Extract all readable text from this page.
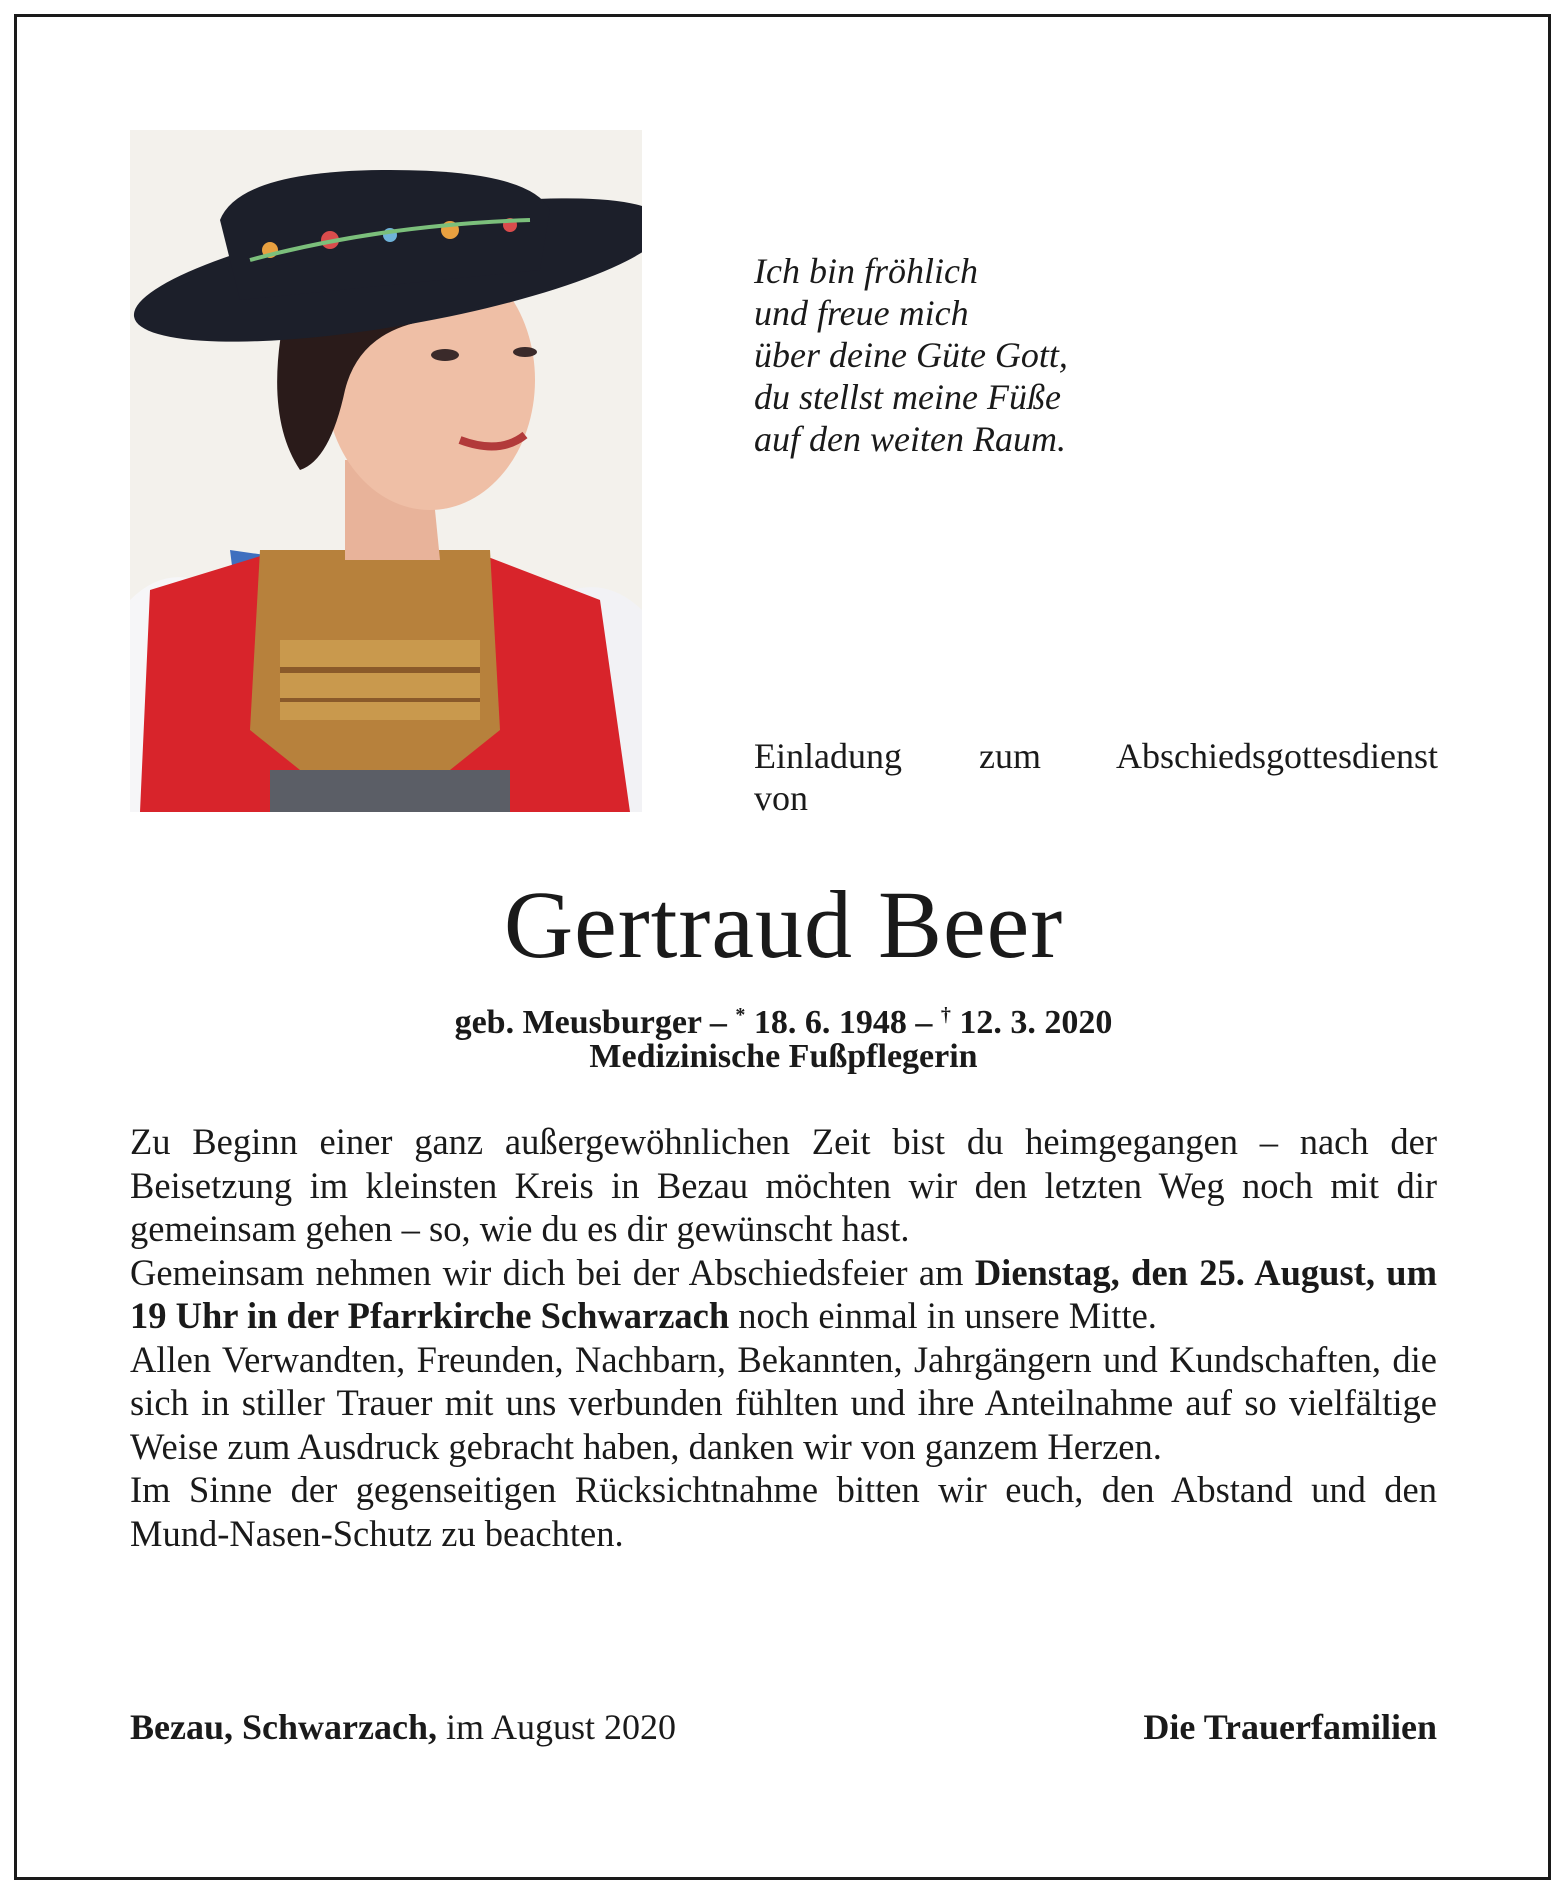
Ich bin fröhlich
und freue mich
über deine Güte Gott,
du stellst meine Füße
auf den weiten Raum.
Einladung zum Abschiedsgottesdienst
von
Gertraud Beer
geb. Meusburger – * 18. 6. 1948 – † 12. 3. 2020
Medizinische Fußpflegerin

Zu Beginn einer ganz außergewöhnlichen Zeit bist du heimgegangen – nach der Beisetzung im kleinsten Kreis in Bezau möchten wir den letzten Weg noch mit dir gemeinsam gehen – so, wie du es dir gewünscht hast.

Gemeinsam nehmen wir dich bei der Abschiedsfeier am Dienstag, den 25. August, um 19 Uhr in der Pfarrkirche Schwarzach noch einmal in unsere Mitte.

Allen Verwandten, Freunden, Nachbarn, Bekannten, Jahrgängern und Kundschaften, die sich in stiller Trauer mit uns verbunden fühlten und ihre Anteilnahme auf so vielfältige Weise zum Ausdruck gebracht haben, danken wir von ganzem Herzen.

Im Sinne der gegenseitigen Rücksichtnahme bitten wir euch, den Abstand und den Mund-Nasen-Schutz zu beachten.

Bezau, Schwarzach, im August 2020	Die Trauerfamilien
